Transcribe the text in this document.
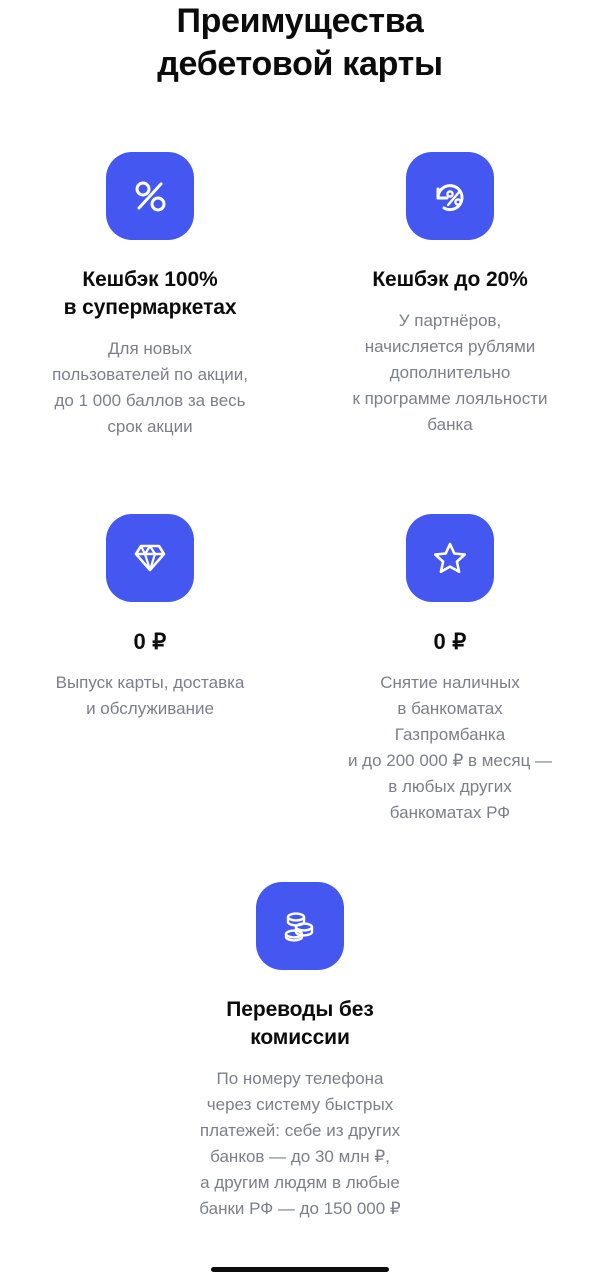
Преимущества
дебетовой карты
Кешбэк 100%
в супермаркетах

Для новых
пользователей по акции,
до 1 000 баллов за весь
срок акции

Кешбэк до 20%

У партнёров,
начисляется рублями
дополнительно
к программе лояльности
банка

0 ₽

Выпуск карты, доставка
и обслуживание

0 ₽

Снятие наличных
в банкоматах
Газпромбанка
и до 200 000 ₽ в месяц —
в любых других
банкоматах РФ

Переводы без
комиссии

По номеру телефона
через систему быстрых
платежей: себе из других
банков — до 30 млн ₽,
а другим людям в любые
банки РФ — до 150 000 ₽
